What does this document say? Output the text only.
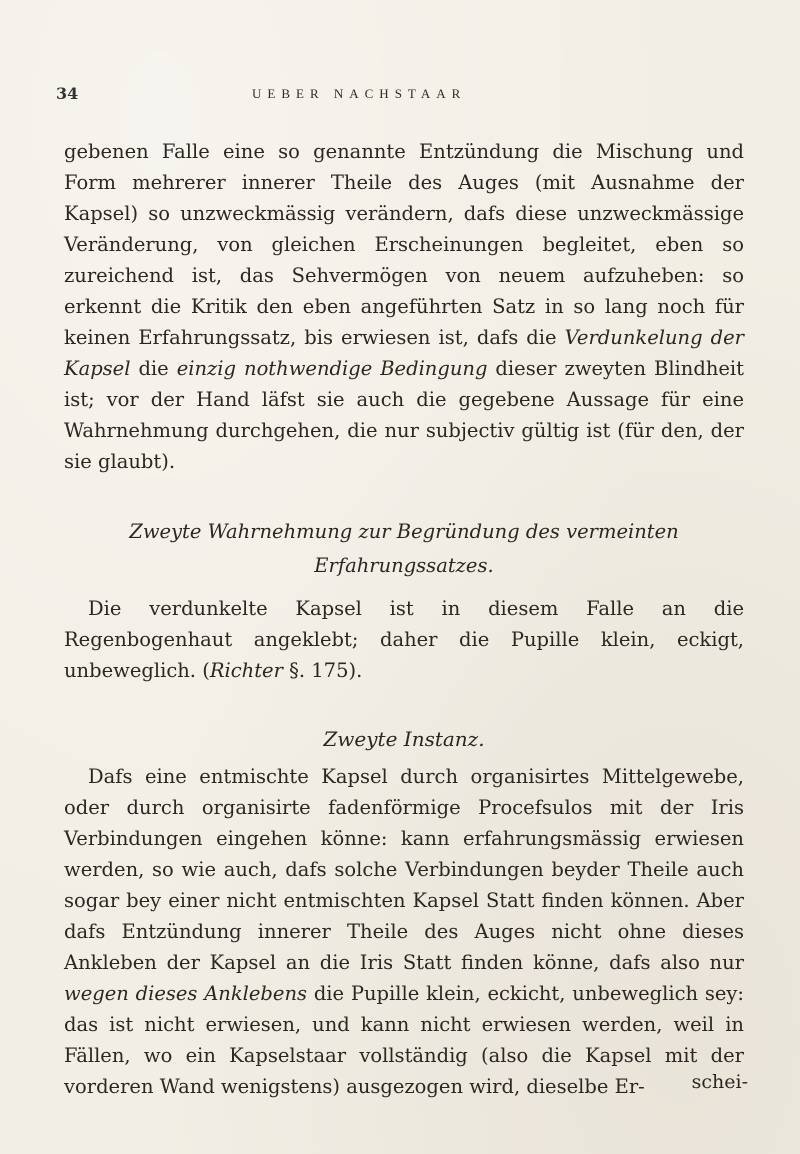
34	UEBER NACHSTAAR

gebenen Falle eine so genannte Entzündung die Mischung und Form mehrerer innerer Theile des Auges (mit Ausnahme der Kapsel) so unzweckmässig verändern, dafs diese unzweckmässige Veränderung, von gleichen Erscheinungen begleitet, eben so zureichend ist, das Sehvermögen von neuem aufzuheben: so erkennt die Kritik den eben angeführten Satz in so lang noch für keinen Erfahrungssatz, bis erwiesen ist, dafs die Verdunkelung der Kapsel die einzig nothwendige Bedingung dieser zweyten Blindheit ist; vor der Hand läfst sie auch die gegebene Aussage für eine Wahrnehmung durchgehen, die nur subjectiv gültig ist (für den, der sie glaubt).

Zweyte Wahrnehmung zur Begründung des vermeinten Erfahrungssatzes.

Die verdunkelte Kapsel ist in diesem Falle an die Regenbogenhaut angeklebt; daher die Pupille klein, eckigt, unbeweglich. (Richter §. 175).

Zweyte Instanz.

Dafs eine entmischte Kapsel durch organisirtes Mittelgewebe, oder durch organisirte fadenförmige Procefsulos mit der Iris Verbindungen eingehen könne: kann erfahrungsmässig erwiesen werden, so wie auch, dafs solche Verbindungen beyder Theile auch sogar bey einer nicht entmischten Kapsel Statt finden können. Aber dafs Entzündung innerer Theile des Auges nicht ohne dieses Ankleben der Kapsel an die Iris Statt finden könne, dafs also nur wegen dieses Anklebens die Pupille klein, eckicht, unbeweglich sey: das ist nicht erwiesen, und kann nicht erwiesen werden, weil in Fällen, wo ein Kapselstaar vollständig (also die Kapsel mit der vorderen Wand wenigstens) ausgezogen wird, dieselbe Er-	schei-
